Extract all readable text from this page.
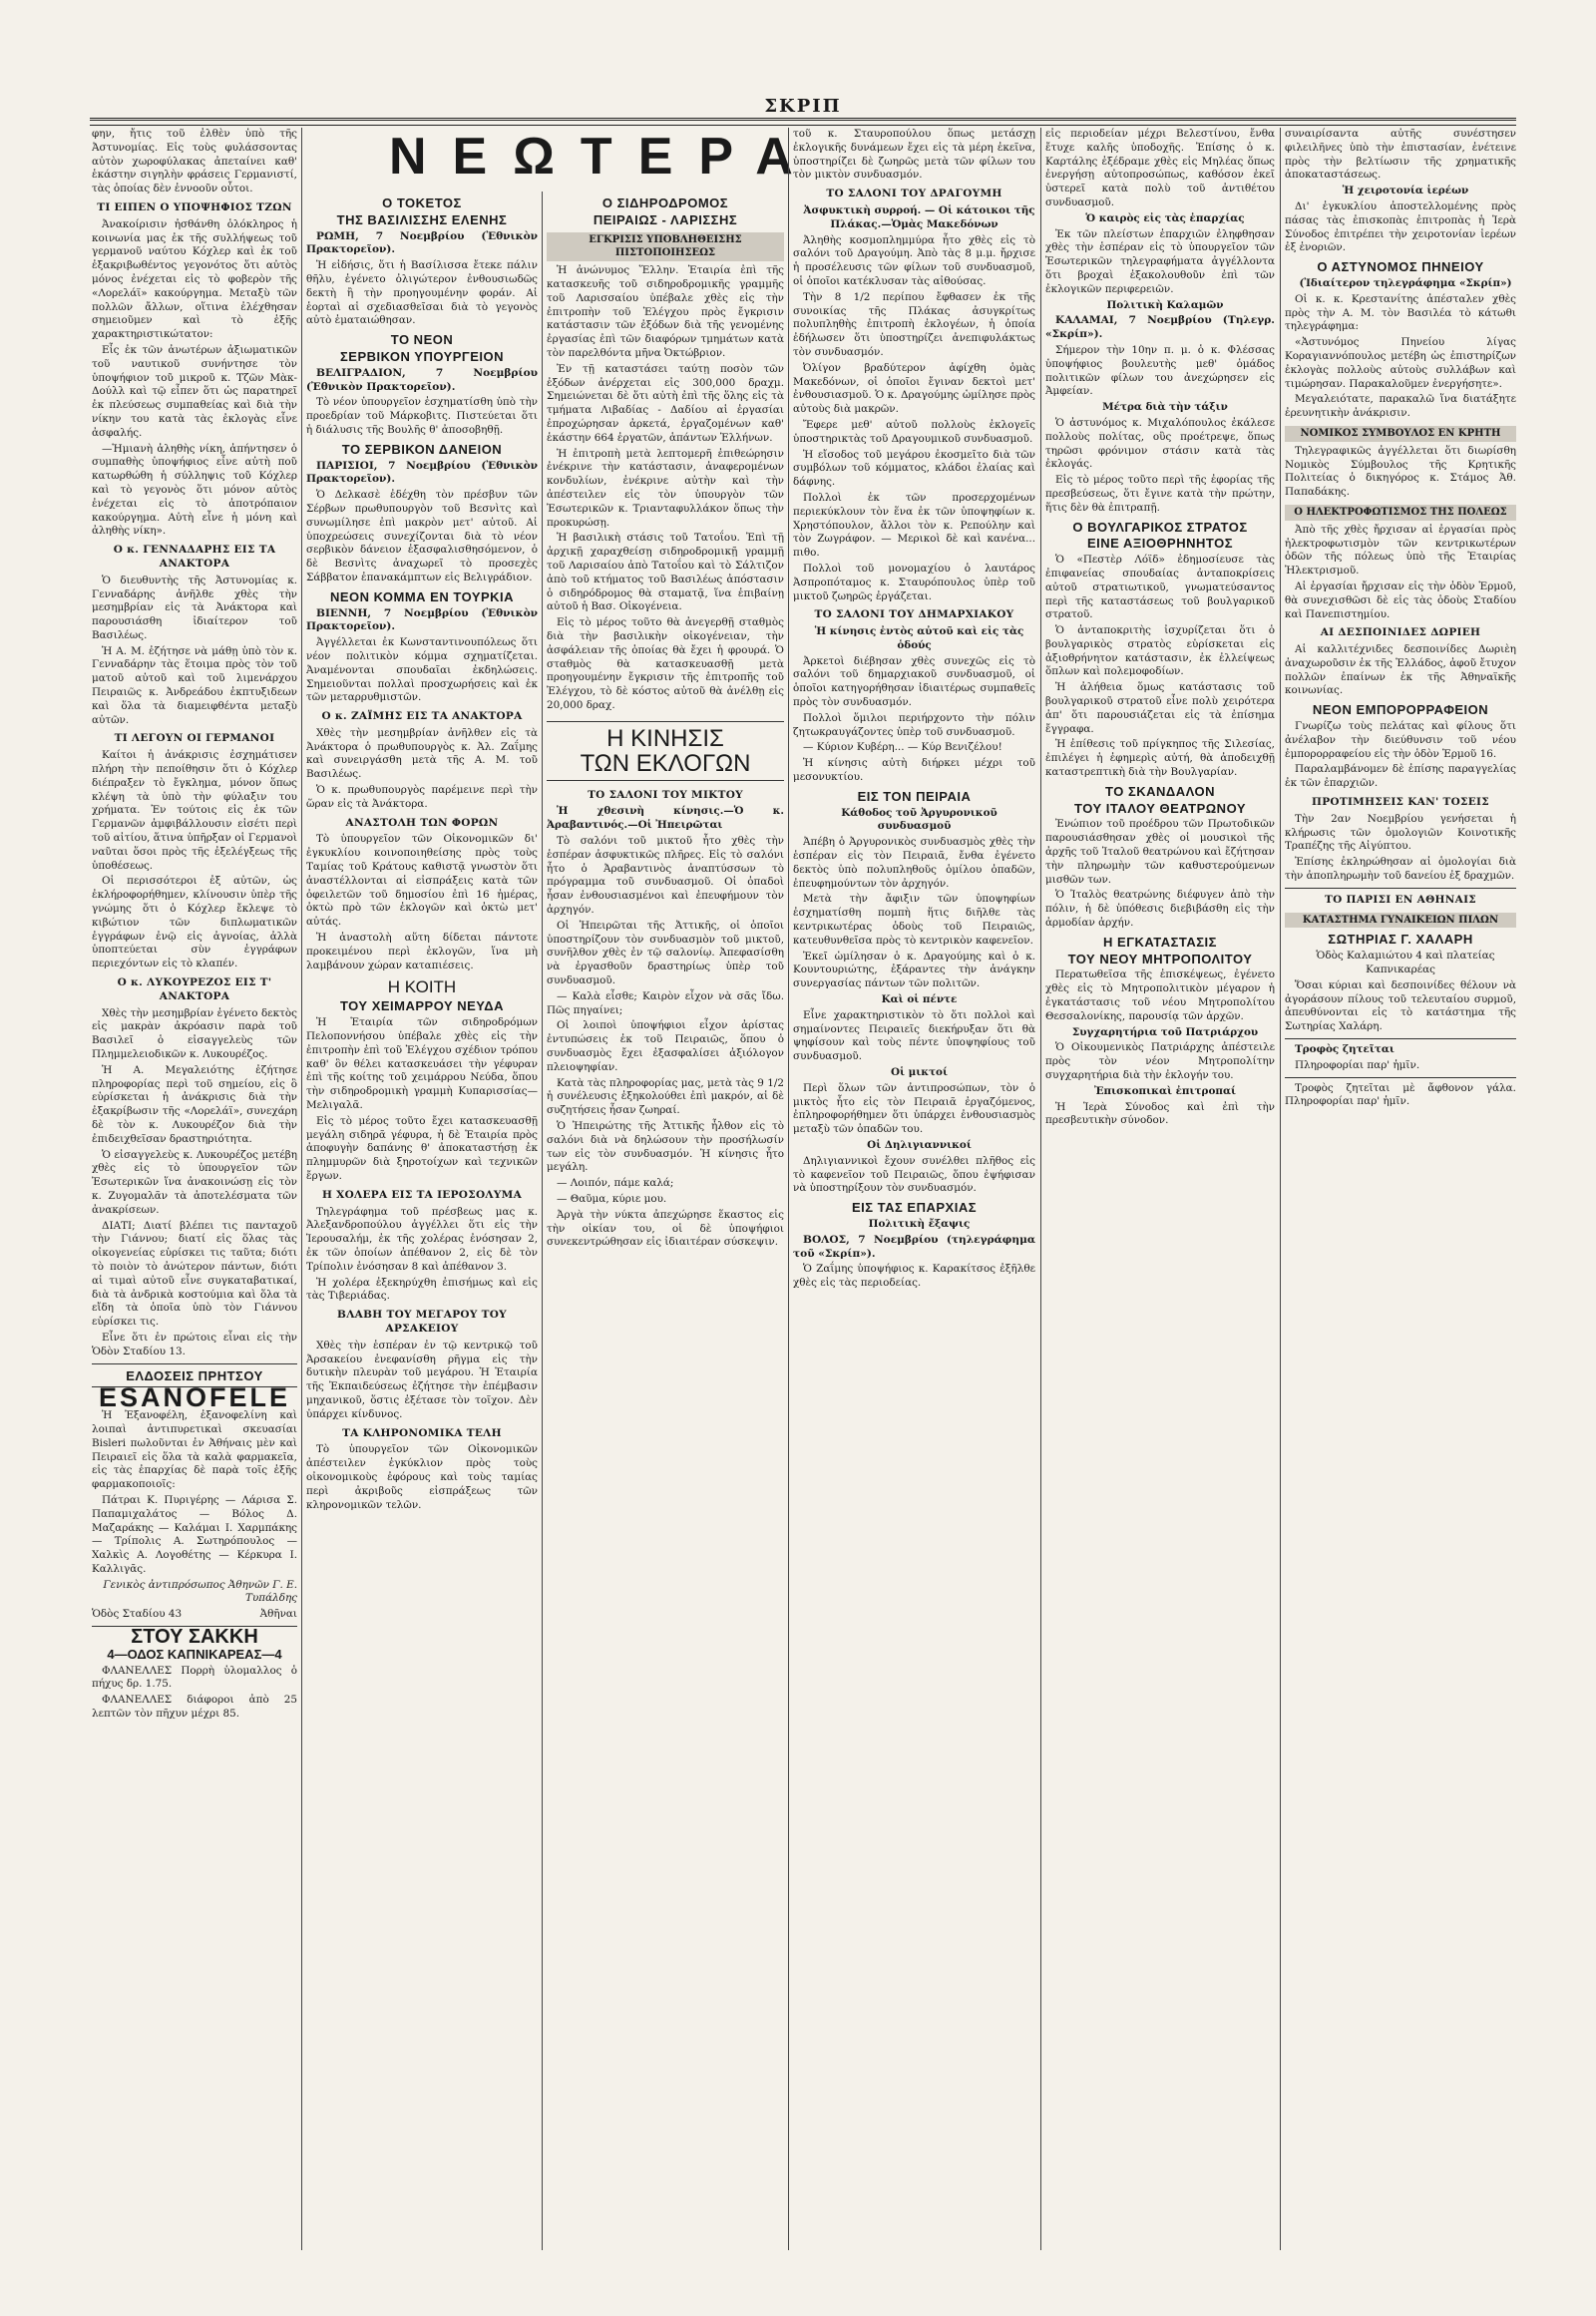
ΣΚΡΙΠ
ΝΕΩΤΕΡΑ

φην, ἤτις τοῦ ἐλθὲν ὑπὸ τῆς Ἀστυνομίας. Εἰς τοὺς φυλάσσοντας αὐτὸν χωροφύλακας ἀπεταίνει καθ' ἑκάστην σιγηλὴν φράσεις Γερμανιστί, τὰς ὁποίας δὲν ἐννοοῦν οὗτοι.

ΤΙ ΕΙΠΕΝ Ο ΥΠΟΨΗΦΙΟΣ ΤΖΩΝ

Ἀνακοίρισιν ἠσθάνθη ὁλόκληρος ἡ κοινωνία μας ἐκ τῆς συλλήψεως τοῦ γερμανοῦ ναύτου Κόχλερ καὶ ἐκ τοῦ ἐξακριβωθέντος γεγονότος ὅτι αὐτὸς μόνος ἐνέχεται εἰς τὸ φοβερὸν τῆς «Λορελάϊ» κακούργημα. Μεταξὺ τῶν πολλῶν ἄλλων, οἵτινα ἐλέχθησαν σημειοῦμεν καὶ τὸ ἑξῆς χαρακτηριστικώτατον:

Εἷς ἐκ τῶν ἀνωτέρων ἀξιωματικῶν τοῦ ναυτικοῦ συνήντησε τὸν ὑποψήφιον τοῦ μικροῦ κ. Τζῶν Μὰκ-Δούλλ καὶ τῷ εἶπεν ὅτι ὡς παρατηρεῖ ἐκ πλεύσεως συμπαθείας καὶ διὰ τὴν νίκην του κατὰ τὰς ἐκλογὰς εἶνε ἀσφαλής.

—Ἡμιανὴ ἀληθὴς νίκη, ἀπήντησεν ὁ συμπαθὴς ὑποψήφιος εἶνε αὐτὴ ποῦ κατωρθώθη ἡ σύλληψις τοῦ Κόχλερ καὶ τὸ γεγονὸς ὅτι μόνον αὐτὸς ἐνέχεται εἰς τὸ ἀποτρόπαιον κακούργημα. Αὐτὴ εἶνε ἡ μόνη καὶ ἀληθὴς νίκη».

Ο κ. ΓΕΝΝΑΔΑΡΗΣ ΕΙΣ ΤΑ ΑΝΑΚΤΟΡΑ

Ὁ διευθυντὴς τῆς Ἀστυνομίας κ. Γενναδάρης ἀνῆλθε χθὲς τὴν μεσημβρίαν εἰς τὰ Ἀνάκτορα καὶ παρουσιάσθη ἰδιαίτερον τοῦ Βασιλέως.

Ἡ Α. Μ. ἐζήτησε νὰ μάθῃ ὑπὸ τὸν κ. Γενναδάρην τὰς ἕτοιμα πρὸς τὸν τοῦ ματοῦ αὐτοῦ καὶ τοῦ λιμενάρχου Πειραιῶς κ. Ἀνδρεάδου ἐκπτυξιδεων καὶ ὅλα τὰ διαμειφθέντα μεταξὺ αὐτῶν.

ΤΙ ΛΕΓΟΥΝ ΟΙ ΓΕΡΜΑΝΟΙ

Καίτοι ἡ ἀνάκρισις ἐσχημάτισεν πλήρη τὴν πεποίθησιν ὅτι ὁ Κόχλερ διέπραξεν τὸ ἔγκλημα, μόνον ὅπως κλέψη τὰ ὑπὸ τὴν φύλαξιν του χρήματα. Ἐν τούτοις εἰς ἐκ τῶν Γερμανῶν ἀμφιβάλλουσιν εἰσέτι περὶ τοῦ αἰτίου, ἅτινα ὑπῆρξαν οἱ Γερμανοὶ ναῦται ὅσοι πρὸς τῆς ἐξελέγξεως τῆς ὑποθέσεως.

Οἱ περισσότεροι ἐξ αὐτῶν, ὡς ἐκλήροφορήθημεν, κλίνουσιν ὑπὲρ τῆς γνώμης ὅτι ὁ Κόχλερ ἔκλεψε τὸ κιβώτιον τῶν διπλωματικῶν ἐγγράφων ἐνῷ εἰς ἀγνοίας, ἀλλὰ ὑποπτεύεται σὺν ἐγγράφων περιεχόντων εἰς τὸ κλαπέν.

Ο κ. ΛΥΚΟΥΡΕΖΟΣ ΕΙΣ Τ' ΑΝΑΚΤΟΡΑ

Χθὲς τὴν μεσημβρίαν ἐγένετο δεκτὸς εἰς μακρὰν ἀκρόασιν παρὰ τοῦ Βασιλεῖ ὁ εἰσαγγελεὺς τῶν Πλημμελειοδικῶν κ. Λυκουρέζος.

Ἡ Α. Μεγαλειότης ἐζήτησε πληροφορίας περὶ τοῦ σημείου, εἰς ὃ εὑρίσκεται ἡ ἀνάκρισις διὰ τὴν ἐξακρίβωσιν τῆς «Λορελάϊ», συνεχάρη δὲ τὸν κ. Λυκουρέζον διὰ τὴν ἐπιδειχθεῖσαν δραστηριότητα.

Ὁ εἰσαγγελεὺς κ. Λυκουρέζος μετέβη χθὲς εἰς τὸ ὑπουργεῖον τῶν Ἐσωτερικῶν ἵνα ἀνακοινώσῃ εἰς τὸν κ. Ζυγομαλᾶν τὰ ἀποτελέσματα τῶν ἀνακρίσεων.

ΔΙΑΤΙ; Διατί βλέπει τις πανταχοῦ τὴν Γιάννου; διατί εἰς ὅλας τὰς οἰκογενείας εὑρίσκει τις ταῦτα; διότι τὸ ποιὸν τὸ ἀνώτερον πάντων, διότι αἱ τιμαὶ αὐτοῦ εἶνε συγκαταβατικαί, διὰ τὰ ἀνδρικὰ κοστούμια καὶ ὅλα τὰ εἴδη τὰ ὁποῖα ὑπὸ τὸν Γιάννου εὑρίσκει τις.

Εἶνε ὅτι ἐν πρώτοις εἶναι εἰς τὴν Ὁδὸν Σταδίου 13.

ΕΛΔΟΣΕΙΣ ΠΡΗΤΣΟΥ
ESANOFELE

Ἡ Ἐξανοφέλη, ἐξανοφελίνη καὶ λοιπαὶ ἀντιπυρετικαὶ σκευασίαι Bisleri πωλοῦνται ἐν Ἀθήναις μὲν καὶ Πειραιεῖ εἰς ὅλα τὰ καλὰ φαρμακεῖα, εἰς τὰς ἐπαρχίας δὲ παρὰ τοῖς ἑξῆς φαρμακοποιοῖς:

Πάτραι Κ. Πυριγέρης — Λάρισα Σ. Παπαμιχαλάτος — Βόλος Δ. Μαζαράκης — Καλάμαι Ι. Χαρμπάκης — Τρίπολις Α. Σωτηρόπουλος — Χαλκὶς Α. Λογοθέτης — Κέρκυρα Ι. Καλλιγᾶς.

Γενικὸς ἀντιπρόσωπος Ἀθηνῶν Γ. Ε. Τυπάλδης

Ὁδὸς Σταδίου 43	Ἀθῆναι
ΣΤΟΥ ΣΑΚΚΗ
4—ΟΔΟΣ ΚΑΠΝΙΚΑΡΕΑΣ—4

ΦΛΑΝΕΛΛΕΣ Πορρὴ ὑλομαλλος ὁ πήχυς δρ. 1.75.

ΦΛΑΝΕΛΛΕΣ διάφοροι ἀπὸ 25 λεπτῶν τὸν πῆχυν μέχρι 85.

Ο ΤΟΚΕΤΟΣ
ΤΗΣ ΒΑΣΙΛΙΣΣΗΣ ΕΛΕΝΗΣ

ΡΩΜΗ, 7 Νοεμβρίου (Ἐθνικὸν Πρακτορεῖον).

Ἡ εἰδήσις, ὅτι ἡ Βασίλισσα ἔτεκε πάλιν θῆλυ, ἐγένετο ὀλιγώτερον ἐνθουσιωδῶς δεκτὴ ἢ τὴν προηγουμένην φοράν. Αἱ ἑορταὶ αἱ σχεδιασθεῖσαι διὰ τὸ γεγονὸς αὐτὸ ἐματαιώθησαν.

ΤΟ ΝΕΟΝ
ΣΕΡΒΙΚΟΝ ΥΠΟΥΡΓΕΙΟΝ

ΒΕΛΙΓΡΑΔΙΟΝ, 7 Νοεμβρίου (Ἐθνικὸν Πρακτορεῖον).

Τὸ νέον ὑπουργεῖον ἐσχηματίσθη ὑπὸ τὴν προεδρίαν τοῦ Μάρκοβιτς. Πιστεύεται ὅτι ἡ διάλυσις τῆς Βουλῆς θ' ἀποσοβηθῇ.

ΤΟ ΣΕΡΒΙΚΟΝ ΔΑΝΕΙΟΝ

ΠΑΡΙΣΙΟΙ, 7 Νοεμβρίου (Ἐθνικὸν Πρακτορεῖον).

Ὁ Δελκασὲ ἐδέχθη τὸν πρέσβυν τῶν Σέρβων πρωθυπουργὸν τοῦ Βεσνὶτς καὶ συνωμίλησε ἐπὶ μακρὸν μετ' αὐτοῦ. Αἱ ὑποχρεώσεις συνεχίζονται διὰ τὸ νέον σερβικὸν δάνειον ἐξασφαλισθησόμενον, ὁ δὲ Βεσνὶτς ἀναχωρεῖ τὸ προσεχὲς Σάββατον ἐπανακάμπτων εἰς Βελιγράδιον.

ΝΕΟΝ ΚΟΜΜΑ ΕΝ ΤΟΥΡΚΙΑ

ΒΙΕΝΝΗ, 7 Νοεμβρίου (Ἐθνικὸν Πρακτορεῖον).

Ἀγγέλλεται ἐκ Κωνσταντινουπόλεως ὅτι νέον πολιτικὸν κόμμα σχηματίζεται. Ἀναμένονται σπουδαῖαι ἐκδηλώσεις. Σημειοῦνται πολλαὶ προσχωρήσεις καὶ ἐκ τῶν μεταρρυθμιστῶν.

Ο κ. ΖΑΪΜΗΣ ΕΙΣ ΤΑ ΑΝΑΚΤΟΡΑ

Χθὲς τὴν μεσημβρίαν ἀνῆλθεν εἰς τὰ Ἀνάκτορα ὁ πρωθυπουργὸς κ. Ἀλ. Ζαΐμης καὶ συνειργάσθη μετὰ τῆς Α. Μ. τοῦ Βασιλέως.

Ὁ κ. πρωθυπουργὸς παρέμεινε περὶ τὴν ὥραν εἰς τὰ Ἀνάκτορα.

ΑΝΑΣΤΟΛΗ ΤΩΝ ΦΟΡΩΝ

Τὸ ὑπουργεῖον τῶν Οἰκονομικῶν δι' ἐγκυκλίου κοινοποιηθείσης πρὸς τοὺς Ταμίας τοῦ Κράτους καθιστᾷ γνωστὸν ὅτι ἀναστέλλονται αἱ εἰσπράξεις κατὰ τῶν ὀφειλετῶν τοῦ δημοσίου ἐπὶ 16 ἡμέρας, ὀκτὼ πρὸ τῶν ἐκλογῶν καὶ ὀκτὼ μετ' αὐτάς.

Ἡ ἀναστολὴ αὕτη δίδεται πάντοτε προκειμένου περὶ ἐκλογῶν, ἵνα μὴ λαμβάνουν χώραν καταπιέσεις.

Η ΚΟΙΤΗ
ΤΟΥ ΧΕΙΜΑΡΡΟΥ ΝΕΥΔΑ

Ἡ Ἑταιρία τῶν σιδηροδρόμων Πελοποννήσου ὑπέβαλε χθὲς εἰς τὴν ἐπιτροπὴν ἐπὶ τοῦ Ἐλέγχου σχέδιον τρόπου καθ' ὃν θέλει κατασκευάσει τὴν γέφυραν ἐπὶ τῆς κοίτης τοῦ χειμάρρου Νεύδα, ὅπου τὴν σιδηροδρομικὴ γραμμὴ Κυπαρισσίας—Μελιγαλᾶ.

Εἰς τὸ μέρος τοῦτο ἔχει κατασκευασθῇ μεγάλη σιδηρᾶ γέφυρα, ἡ δὲ Ἑταιρία πρὸς ἀποφυγὴν δαπάνης θ' ἀποκαταστήσῃ ἐκ πλημμυρῶν διὰ ξηροτοίχων καὶ τεχνικῶν ἔργων.

Η ΧΟΛΕΡΑ ΕΙΣ ΤΑ ΙΕΡΟΣΟΛΥΜΑ

Τηλεγράφημα τοῦ πρέσβεως μας κ. Ἀλεξανδροπούλου ἀγγέλλει ὅτι εἰς τὴν Ἱερουσαλήμ, ἐκ τῆς χολέρας ἐνόσησαν 2, ἐκ τῶν ὁποίων ἀπέθανον 2, εἰς δὲ τὸν Τρίπολιν ἑνόσησαν 8 καὶ ἀπέθανον 3.

Ἡ χολέρα ἐξεκηρύχθη ἐπισήμως καὶ εἰς τὰς Τιβεριάδας.

ΒΛΑΒΗ ΤΟΥ ΜΕΓΑΡΟΥ ΤΟΥ ΑΡΣΑΚΕΙΟΥ

Χθὲς τὴν ἑσπέραν ἐν τῷ κεντρικῷ τοῦ Ἀρσακείου ἐνεφανίσθη ρῆγμα εἰς τὴν δυτικὴν πλευρὰν τοῦ μεγάρου. Ἡ Ἑταιρία τῆς Ἐκπαιδεύσεως ἐζήτησε τὴν ἐπέμβασιν μηχανικοῦ, ὅστις ἐξέτασε τὸν τοῖχον. Δὲν ὑπάρχει κίνδυνος.

ΤΑ ΚΛΗΡΟΝΟΜΙΚΑ ΤΕΛΗ

Τὸ ὑπουργεῖον τῶν Οἰκονομικῶν ἀπέστειλεν ἐγκύκλιον πρὸς τοὺς οἰκονομικοὺς ἐφόρους καὶ τοὺς ταμίας περὶ ἀκριβοῦς εἰσπράξεως τῶν κληρονομικῶν τελῶν.

Ο ΣΙΔΗΡΟΔΡΟΜΟΣ
ΠΕΙΡΑΙΩΣ - ΛΑΡΙΣΣΗΣ
ΕΓΚΡΙΣΙΣ ΥΠΟΒΛΗΘΕΙΣΗΣ ΠΙΣΤΟΠΟΙΗΣΕΩΣ

Ἡ ἀνώνυμος Ἕλλην. Ἑταιρία ἐπὶ τῆς κατασκευῆς τοῦ σιδηροδρομικῆς γραμμῆς τοῦ Λαρισσαίου ὑπέβαλε χθὲς εἰς τὴν ἐπιτροπὴν τοῦ Ἐλέγχου πρὸς ἔγκρισιν κατάστασιν τῶν ἐξόδων διὰ τῆς γενομένης ἐργασίας ἐπὶ τῶν διαφόρων τμημάτων κατὰ τὸν παρελθόντα μῆνα Ὀκτώβριον.

Ἐν τῇ καταστάσει ταύτῃ ποσὸν τῶν ἐξόδων ἀνέρχεται εἰς 300,000 δραχμ. Σημειώνεται δὲ ὅτι αὐτὴ ἐπὶ τῆς ὅλης εἰς τὰ τμήματα Λιβαδίας - Δαδίου αἱ ἐργασίαι ἐπροχώρησαν ἀρκετά, ἐργαζομένων καθ' ἑκάστην 664 ἐργατῶν, ἁπάντων Ἑλλήνων.

Ἡ ἐπιτροπὴ μετὰ λεπτομερῆ ἐπιθεώρησιν ἐνέκρινε τὴν κατάστασιν, ἀναφερομένων κονδυλίων, ἐνέκρινε αὐτὴν καὶ τὴν ἀπέστειλεν εἰς τὸν ὑπουργὸν τῶν Ἐσωτερικῶν κ. Τριανταφυλλάκον ὅπως τὴν προκυρώσῃ.

Ἡ βασιλικὴ στάσις τοῦ Τατοΐου. Ἐπὶ τῇ ἀρχικῇ χαραχθείσῃ σιδηροδρομικῇ γραμμῇ τοῦ Λαρισαίου ἀπὸ Τατοΐου καὶ τὸ Σάλτιζον ἀπὸ τοῦ κτήματος τοῦ Βασιλέως ἀπόστασιν ὁ σιδηρόδρομος θὰ σταματᾷ, ἵνα ἐπιβαίνῃ αὐτοῦ ἡ Βασ. Οἰκογένεια.

Εἰς τὸ μέρος τοῦτο θὰ ἀνεγερθῇ σταθμὸς διὰ τὴν βασιλικὴν οἰκογένειαν, τὴν ἀσφάλειαν τῆς ὁποίας θὰ ἔχει ἡ φρουρά. Ὁ σταθμὸς θὰ κατασκευασθῇ μετὰ προηγουμένην ἔγκρισιν τῆς ἐπιτροπῆς τοῦ Ἐλέγχου, τὸ δὲ κόστος αὐτοῦ θὰ ἀνέλθῃ εἰς 20,000 δραχ.

Η ΚΙΝΗΣΙΣ
ΤΩΝ ΕΚΛΟΓΩΝ
ΤΟ ΣΑΛΟΝΙ ΤΟΥ ΜΙΚΤΟΥ

Ἡ χθεσινὴ κίνησις.—Ὁ κ. Ἀραβαντινός.—Οἱ Ἠπειρῶται

Τὸ σαλόνι τοῦ μικτοῦ ἦτο χθὲς τὴν ἑσπέραν ἀσφυκτικῶς πλῆρες. Εἰς τὸ σαλόνι ἦτο ὁ Ἀραβαντινὸς ἀναπτύσσων τὸ πρόγραμμα τοῦ συνδυασμοῦ. Οἱ ὀπαδοὶ ἦσαν ἐνθουσιασμένοι καὶ ἐπευφήμουν τὸν ἀρχηγόν.

Οἱ Ἠπειρῶται τῆς Ἀττικῆς, οἱ ὁποῖοι ὑποστηρίζουν τὸν συνδυασμὸν τοῦ μικτοῦ, συνῆλθον χθὲς ἐν τῷ σαλονίῳ. Ἀπεφασίσθη νὰ ἐργασθοῦν δραστηρίως ὑπὲρ τοῦ συνδυασμοῦ.

— Καλὰ εἶσθε; Καιρὸν εἶχον νὰ σᾶς ἴδω. Πῶς πηγαίνει;

Οἱ λοιποὶ ὑποψήφιοι εἶχον ἀρίστας ἐντυπώσεις ἐκ τοῦ Πειραιῶς, ὅπου ὁ συνδυασμὸς ἔχει ἐξασφαλίσει ἀξιόλογον πλειοψηφίαν.

Κατὰ τὰς πληροφορίας μας, μετὰ τὰς 9 1/2 ἡ συνέλευσις ἐξηκολούθει ἐπὶ μακρόν, αἱ δὲ συζητήσεις ἦσαν ζωηραί.

Ὁ Ἠπειρώτης τῆς Ἀττικῆς ἦλθον εἰς τὸ σαλόνι διὰ νὰ δηλώσουν τὴν προσήλωσίν των εἰς τὸν συνδυασμόν. Ἡ κίνησις ἦτο μεγάλη.

— Λοιπόν, πάμε καλά;

— Θαῦμα, κύριε μου.

Ἀργὰ τὴν νύκτα ἀπεχώρησε ἕκαστος εἰς τὴν οἰκίαν του, οἱ δὲ ὑποψήφιοι συνεκεντρώθησαν εἰς ἰδιαιτέραν σύσκεψιν.

τοῦ κ. Σταυροπούλου ὅπως μετάσχῃ ἐκλογικῆς δυνάμεων ἔχει εἰς τὰ μέρη ἐκεῖνα, ὑποστηρίζει δὲ ζωηρῶς μετὰ τῶν φίλων του τὸν μικτὸν συνδυασμόν.

ΤΟ ΣΑΛΟΝΙ ΤΟΥ ΔΡΑΓΟΥΜΗ

Ἀσφυκτικὴ συρροή. — Οἱ κάτοικοι τῆς Πλάκας.—Ὁμὰς Μακεδόνων

Ἀληθὴς κοσμοπλημμύρα ἦτο χθὲς εἰς τὸ σαλόνι τοῦ Δραγούμη. Ἀπὸ τὰς 8 μ.μ. ἤρχισε ἡ προσέλευσις τῶν φίλων τοῦ συνδυασμοῦ, οἱ ὁποῖοι κατέκλυσαν τὰς αἰθούσας.

Τὴν 8 1/2 περίπου ἔφθασεν ἐκ τῆς συνοικίας τῆς Πλάκας ἀσυγκρίτως πολυπληθὴς ἐπιτροπὴ ἐκλογέων, ἡ ὁποία ἐδήλωσεν ὅτι ὑποστηρίζει ἀνεπιφυλάκτως τὸν συνδυασμόν.

Ὀλίγον βραδύτερον ἀφίχθη ὁμὰς Μακεδόνων, οἱ ὁποῖοι ἔγιναν δεκτοὶ μετ' ἐνθουσιασμοῦ. Ὁ κ. Δραγούμης ὡμίλησε πρὸς αὐτοὺς διὰ μακρῶν.

Ἔφερε μεθ' αὐτοῦ πολλοὺς ἐκλογεῖς ὑποστηρικτὰς τοῦ Δραγουμικοῦ συνδυασμοῦ.

Ἡ εἴσοδος τοῦ μεγάρου ἐκοσμεῖτο διὰ τῶν συμβόλων τοῦ κόμματος, κλάδοι ἐλαίας καὶ δάφνης.

Πολλοὶ ἐκ τῶν προσερχομένων περιεκύκλουν τὸν ἕνα ἐκ τῶν ὑποψηφίων κ. Χρηστόπουλον, ἄλλοι τὸν κ. Ρεπούλην καὶ τὸν Ζωγράφον. — Μερικοὶ δὲ καὶ κανένα... πιθο.

Πολλοὶ τοῦ μονομαχίου ὁ λαυτάρος Ἀσπροπόταμος κ. Σταυρόπουλος ὑπὲρ τοῦ μικτοῦ ζωηρῶς ἐργάζεται.

ΤΟ ΣΑΛΟΝΙ ΤΟΥ ΔΗΜΑΡΧΙΑΚΟΥ

Ἡ κίνησις ἐντὸς αὐτοῦ καὶ εἰς τὰς ὁδούς

Ἀρκετοὶ διέβησαν χθὲς συνεχῶς εἰς τὸ σαλόνι τοῦ δημαρχιακοῦ συνδυασμοῦ, οἱ ὁποῖοι κατηγορήθησαν ἰδιαιτέρως συμπαθεῖς πρὸς τὸν συνδυασμόν.

Πολλοὶ ὅμιλοι περιήρχοντο τὴν πόλιν ζητωκραυγάζοντες ὑπὲρ τοῦ συνδυασμοῦ.

— Κύριον Κυβέρη... — Κύρ Βενιζέλου!

Ἡ κίνησις αὐτὴ διήρκει μέχρι τοῦ μεσονυκτίου.

ΕΙΣ ΤΟΝ ΠΕΙΡΑΙΑ

Κάθοδος τοῦ Ἀργυρονικοῦ συνδυασμοῦ

Ἀπέβη ὁ Ἀργυρονικὸς συνδυασμὸς χθὲς τὴν ἑσπέραν εἰς τὸν Πειραιᾶ, ἔνθα ἐγένετο δεκτὸς ὑπὸ πολυπληθοῦς ὁμίλου ὀπαδῶν, ἐπευφημούντων τὸν ἀρχηγόν.

Μετὰ τὴν ἄφιξιν τῶν ὑποψηφίων ἐσχηματίσθη πομπὴ ἥτις διῆλθε τὰς κεντρικωτέρας ὁδοὺς τοῦ Πειραιῶς, κατευθυνθεῖσα πρὸς τὸ κεντρικὸν καφενεῖον.

Ἐκεῖ ὡμίλησαν ὁ κ. Δραγούμης καὶ ὁ κ. Κουντουριώτης, ἐξάραντες τὴν ἀνάγκην συνεργασίας πάντων τῶν πολιτῶν.

Καὶ οἱ πέντε

Εἶνε χαρακτηριστικὸν τὸ ὅτι πολλοὶ καὶ σημαίνοντες Πειραιεῖς διεκήρυξαν ὅτι θὰ ψηφίσουν καὶ τοὺς πέντε ὑποψηφίους τοῦ συνδυασμοῦ.

Οἱ μικτοί

Περὶ ὅλων τῶν ἀντιπροσώπων, τὸν ὁ μικτὸς ἦτο εἰς τὸν Πειραιᾶ ἐργαζόμενος, ἐπληροφορήθημεν ὅτι ὑπάρχει ἐνθουσιασμὸς μεταξὺ τῶν ὀπαδῶν του.

Οἱ Δηλιγιαννικοί

Δηλιγιαννικοὶ ἔχουν συνέλθει πλῆθος εἰς τὸ καφενεῖον τοῦ Πειραιῶς, ὅπου ἐψήφισαν νὰ ὑποστηρίξουν τὸν συνδυασμόν.

ΕΙΣ ΤΑΣ ΕΠΑΡΧΙΑΣ

Πολιτικὴ ἔξαψις

ΒΟΛΟΣ, 7 Νοεμβρίου (τηλεγράφημα τοῦ «Σκρίπ»).

Ὁ Ζαΐμης ὑποψήφιος κ. Καρακίτσος ἐξῆλθε χθὲς εἰς τὰς περιοδείας.

εἰς περιοδείαν μέχρι Βελεστίνου, ἔνθα ἔτυχε καλῆς ὑποδοχῆς. Ἐπίσης ὁ κ. Καρτάλης ἐξέδραμε χθὲς εἰς Μηλέας ὅπως ἐνεργήσῃ αὐτοπροσώπως, καθόσον ἐκεῖ ὑστερεῖ κατὰ πολὺ τοῦ ἀντιθέτου συνδυασμοῦ.

Ὁ καιρὸς εἰς τὰς ἐπαρχίας

Ἐκ τῶν πλείστων ἐπαρχιῶν ἐληφθησαν χθὲς τὴν ἑσπέραν εἰς τὸ ὑπουργεῖον τῶν Ἐσωτερικῶν τηλεγραφήματα ἀγγέλλοντα ὅτι βροχαὶ ἐξακολουθοῦν ἐπὶ τῶν ἐκλογικῶν περιφερειῶν.

Πολιτικὴ Καλαμῶν

ΚΑΛΑΜΑΙ, 7 Νοεμβρίου (Τηλεγρ. «Σκρίπ»).

Σήμερον τὴν 10ην π. μ. ὁ κ. Φλέσσας ὑποψήφιος βουλευτὴς μεθ' ὁμάδος πολιτικῶν φίλων του ἀνεχώρησεν εἰς Ἀμφείαν.

Μέτρα διὰ τὴν τάξιν

Ὁ ἀστυνόμος κ. Μιχαλόπουλος ἐκάλεσε πολλοὺς πολίτας, οὓς προέτρεψε, ὅπως τηρῶσι φρόνιμον στάσιν κατὰ τὰς ἐκλογάς.

Εἰς τὸ μέρος τοῦτο περὶ τῆς ἐφορίας τῆς πρεσβεύσεως, ὅτι ἔγινε κατὰ τὴν πρώτην, ἥτις δὲν θὰ ἐπιτραπῇ.

Ο ΒΟΥΛΓΑΡΙΚΟΣ ΣΤΡΑΤΟΣ
ΕΙΝΕ ΑΞΙΟΘΡΗΝΗΤΟΣ

Ὁ «Πεστὲρ Λόϊδ» ἐδημοσίευσε τὰς ἐπιφανείας σπουδαίας ἀνταποκρίσεις αὐτοῦ στρατιωτικοῦ, γνωματεύσαντος περὶ τῆς καταστάσεως τοῦ βουλγαρικοῦ στρατοῦ.

Ὁ ἀνταποκριτὴς ἰσχυρίζεται ὅτι ὁ βουλγαρικὸς στρατὸς εὑρίσκεται εἰς ἀξιοθρήνητον κατάστασιν, ἐκ ἐλλείψεως ὅπλων καὶ πολεμοφοδίων.

Ἡ ἀλήθεια ὅμως κατάστασις τοῦ βουλγαρικοῦ στρατοῦ εἶνε πολὺ χειρότερα ἀπ' ὅτι παρουσιάζεται εἰς τὰ ἐπίσημα ἔγγραφα.

Ἡ ἐπίθεσις τοῦ πρίγκηπος τῆς Σιλεσίας, ἐπιλέγει ἡ ἐφημερὶς αὐτή, θὰ ἀποδειχθῇ καταστρεπτικὴ διὰ τὴν Βουλγαρίαν.

ΤΟ ΣΚΑΝΔΑΛΟΝ
ΤΟΥ ΙΤΑΛΟΥ ΘΕΑΤΡΩΝΟΥ

Ἐνώπιον τοῦ προέδρου τῶν Πρωτοδικῶν παρουσιάσθησαν χθὲς οἱ μουσικοὶ τῆς ἀρχῆς τοῦ Ἰταλοῦ θεατρώνου καὶ ἔζήτησαν τὴν πληρωμὴν τῶν καθυστερούμενων μισθῶν των.

Ὁ Ἰταλὸς θεατρώνης διέφυγεν ἀπὸ τὴν πόλιν, ἡ δὲ ὑπόθεσις διεβιβάσθη εἰς τὴν ἀρμοδίαν ἀρχήν.

Η ΕΓΚΑΤΑΣΤΑΣΙΣ
ΤΟΥ ΝΕΟΥ ΜΗΤΡΟΠΟΛΙΤΟΥ

Περατωθεῖσα τῆς ἐπισκέψεως, ἐγένετο χθὲς εἰς τὸ Μητροπολιτικὸν μέγαρον ἡ ἐγκατάστασις τοῦ νέου Μητροπολίτου Θεσσαλονίκης, παρουσίᾳ τῶν ἀρχῶν.

Συγχαρητήρια τοῦ Πατριάρχου

Ὁ Οἰκουμενικὸς Πατριάρχης ἀπέστειλε πρὸς τὸν νέον Μητροπολίτην συγχαρητήρια διὰ τὴν ἐκλογήν του.

Ἐπισκοπικαὶ ἐπιτροπαί

Ἡ Ἱερὰ Σύνοδος καὶ ἐπὶ τὴν πρεσβευτικὴν σύνοδον.

συναιρίσαντα αὐτῆς συνέστησεν φιλειλῆνες ὑπὸ τὴν ἐπιστασίαν, ἐνέτεινε πρὸς τὴν βελτίωσιν τῆς χρηματικῆς ἀποκαταστάσεως.

Ἡ χειροτονία ἱερέων

Δι' ἐγκυκλίου ἀποστελλομένης πρὸς πάσας τὰς ἐπισκοπὰς ἐπιτροπὰς ἡ Ἱερὰ Σύνοδος ἐπιτρέπει τὴν χειροτονίαν ἱερέων ἐξ ἐνοριῶν.

Ο ΑΣΤΥΝΟΜΟΣ ΠΗΝΕΙΟΥ

(Ἰδιαίτερον τηλεγράφημα «Σκρίπ»)

Οἱ κ. κ. Κρεστανίτης ἀπέσταλεν χθὲς πρὸς τὴν Α. Μ. τὸν Βασιλέα τὸ κάτωθι τηλεγράφημα:

«Ἀστυνόμος Πηνείου λίγας Κοραγιαννόπουλος μετέβη ὡς ἐπιστηρίζων ἐκλογὰς πολλοὺς αὐτοὺς συλλάβων καὶ τιμώρησαν. Παρακαλοῦμεν ἐνεργήσητε».

Μεγαλειότατε, παρακαλῶ ἵνα διατάξητε ἐρευνητικὴν ἀνάκρισιν.

ΝΟΜΙΚΟΣ ΣΥΜΒΟΥΛΟΣ ΕΝ ΚΡΗΤΗ

Τηλεγραφικῶς ἀγγέλλεται ὅτι διωρίσθη Νομικὸς Σύμβουλος τῆς Κρητικῆς Πολιτείας ὁ δικηγόρος κ. Στάμος Ἀθ. Παπαδάκης.

Ο ΗΛΕΚΤΡΟΦΩΤΙΣΜΟΣ ΤΗΣ ΠΟΛΕΩΣ

Ἀπὸ τῆς χθὲς ἤρχισαν αἱ ἐργασίαι πρὸς ἠλεκτροφωτισμὸν τῶν κεντρικωτέρων ὁδῶν τῆς πόλεως ὑπὸ τῆς Ἑταιρίας Ἠλεκτρισμοῦ.

Αἱ ἐργασίαι ἤρχισαν εἰς τὴν ὁδὸν Ἑρμοῦ, θὰ συνεχισθῶσι δὲ εἰς τὰς ὁδοὺς Σταδίου καὶ Πανεπιστημίου.

ΑΙ ΔΕΣΠΟΙΝΙΔΕΣ ΔΩΡΙΕΗ

Αἱ καλλιτέχνιδες δεσποινίδες Δωριὲη ἀναχωροῦσιν ἐκ τῆς Ἑλλάδος, ἀφοῦ ἔτυχον πολλῶν ἐπαίνων ἐκ τῆς Ἀθηναϊκῆς κοινωνίας.

ΝΕΟΝ ΕΜΠΟΡΟΡΡΑΦΕΙΟΝ

Γνωρίζω τοὺς πελάτας καὶ φίλους ὅτι ἀνέλαβον τὴν διεύθυνσιν τοῦ νέου ἐμπορορραφείου εἰς τὴν ὁδὸν Ἑρμοῦ 16.

Παραλαμβάνομεν δὲ ἐπίσης παραγγελίας ἐκ τῶν ἐπαρχιῶν.

ΠΡΟΤΙΜΗΣΕΙΣ ΚΑΝ' ΤΟΣΕΙΣ

Τὴν 2αν Νοεμβρίου γενήσεται ἡ κλήρωσις τῶν ὁμολογιῶν Κοινοτικῆς Τραπέζης τῆς Αἰγύπτου.

Ἐπίσης ἐκληρώθησαν αἱ ὁμολογίαι διὰ τὴν ἀποπληρωμὴν τοῦ δανείου ἐξ δραχμῶν.

ΤΟ ΠΑΡΙΣΙ ΕΝ ΑΘΗΝΑΙΣ
ΚΑΤΑΣΤΗΜΑ ΓΥΝΑΙΚΕΙΩΝ ΠΙΛΩΝ
ΣΩΤΗΡΙΑΣ Γ. ΧΑΛΑΡΗ

Ὁδὸς Καλαμιώτου 4 καὶ πλατείας Καπνικαρέας

Ὅσαι κύριαι καὶ δεσποινίδες θέλουν νὰ ἀγοράσουν πίλους τοῦ τελευταίου συρμοῦ, ἀπευθύνονται εἰς τὸ κατάστημα τῆς Σωτηρίας Χαλάρη.

Τροφὸς ζητεῖται

Πληροφορίαι παρ' ἡμῖν.

Τροφὸς ζητεῖται μὲ ἄφθονον γάλα. Πληροφορίαι παρ' ἡμῖν.
